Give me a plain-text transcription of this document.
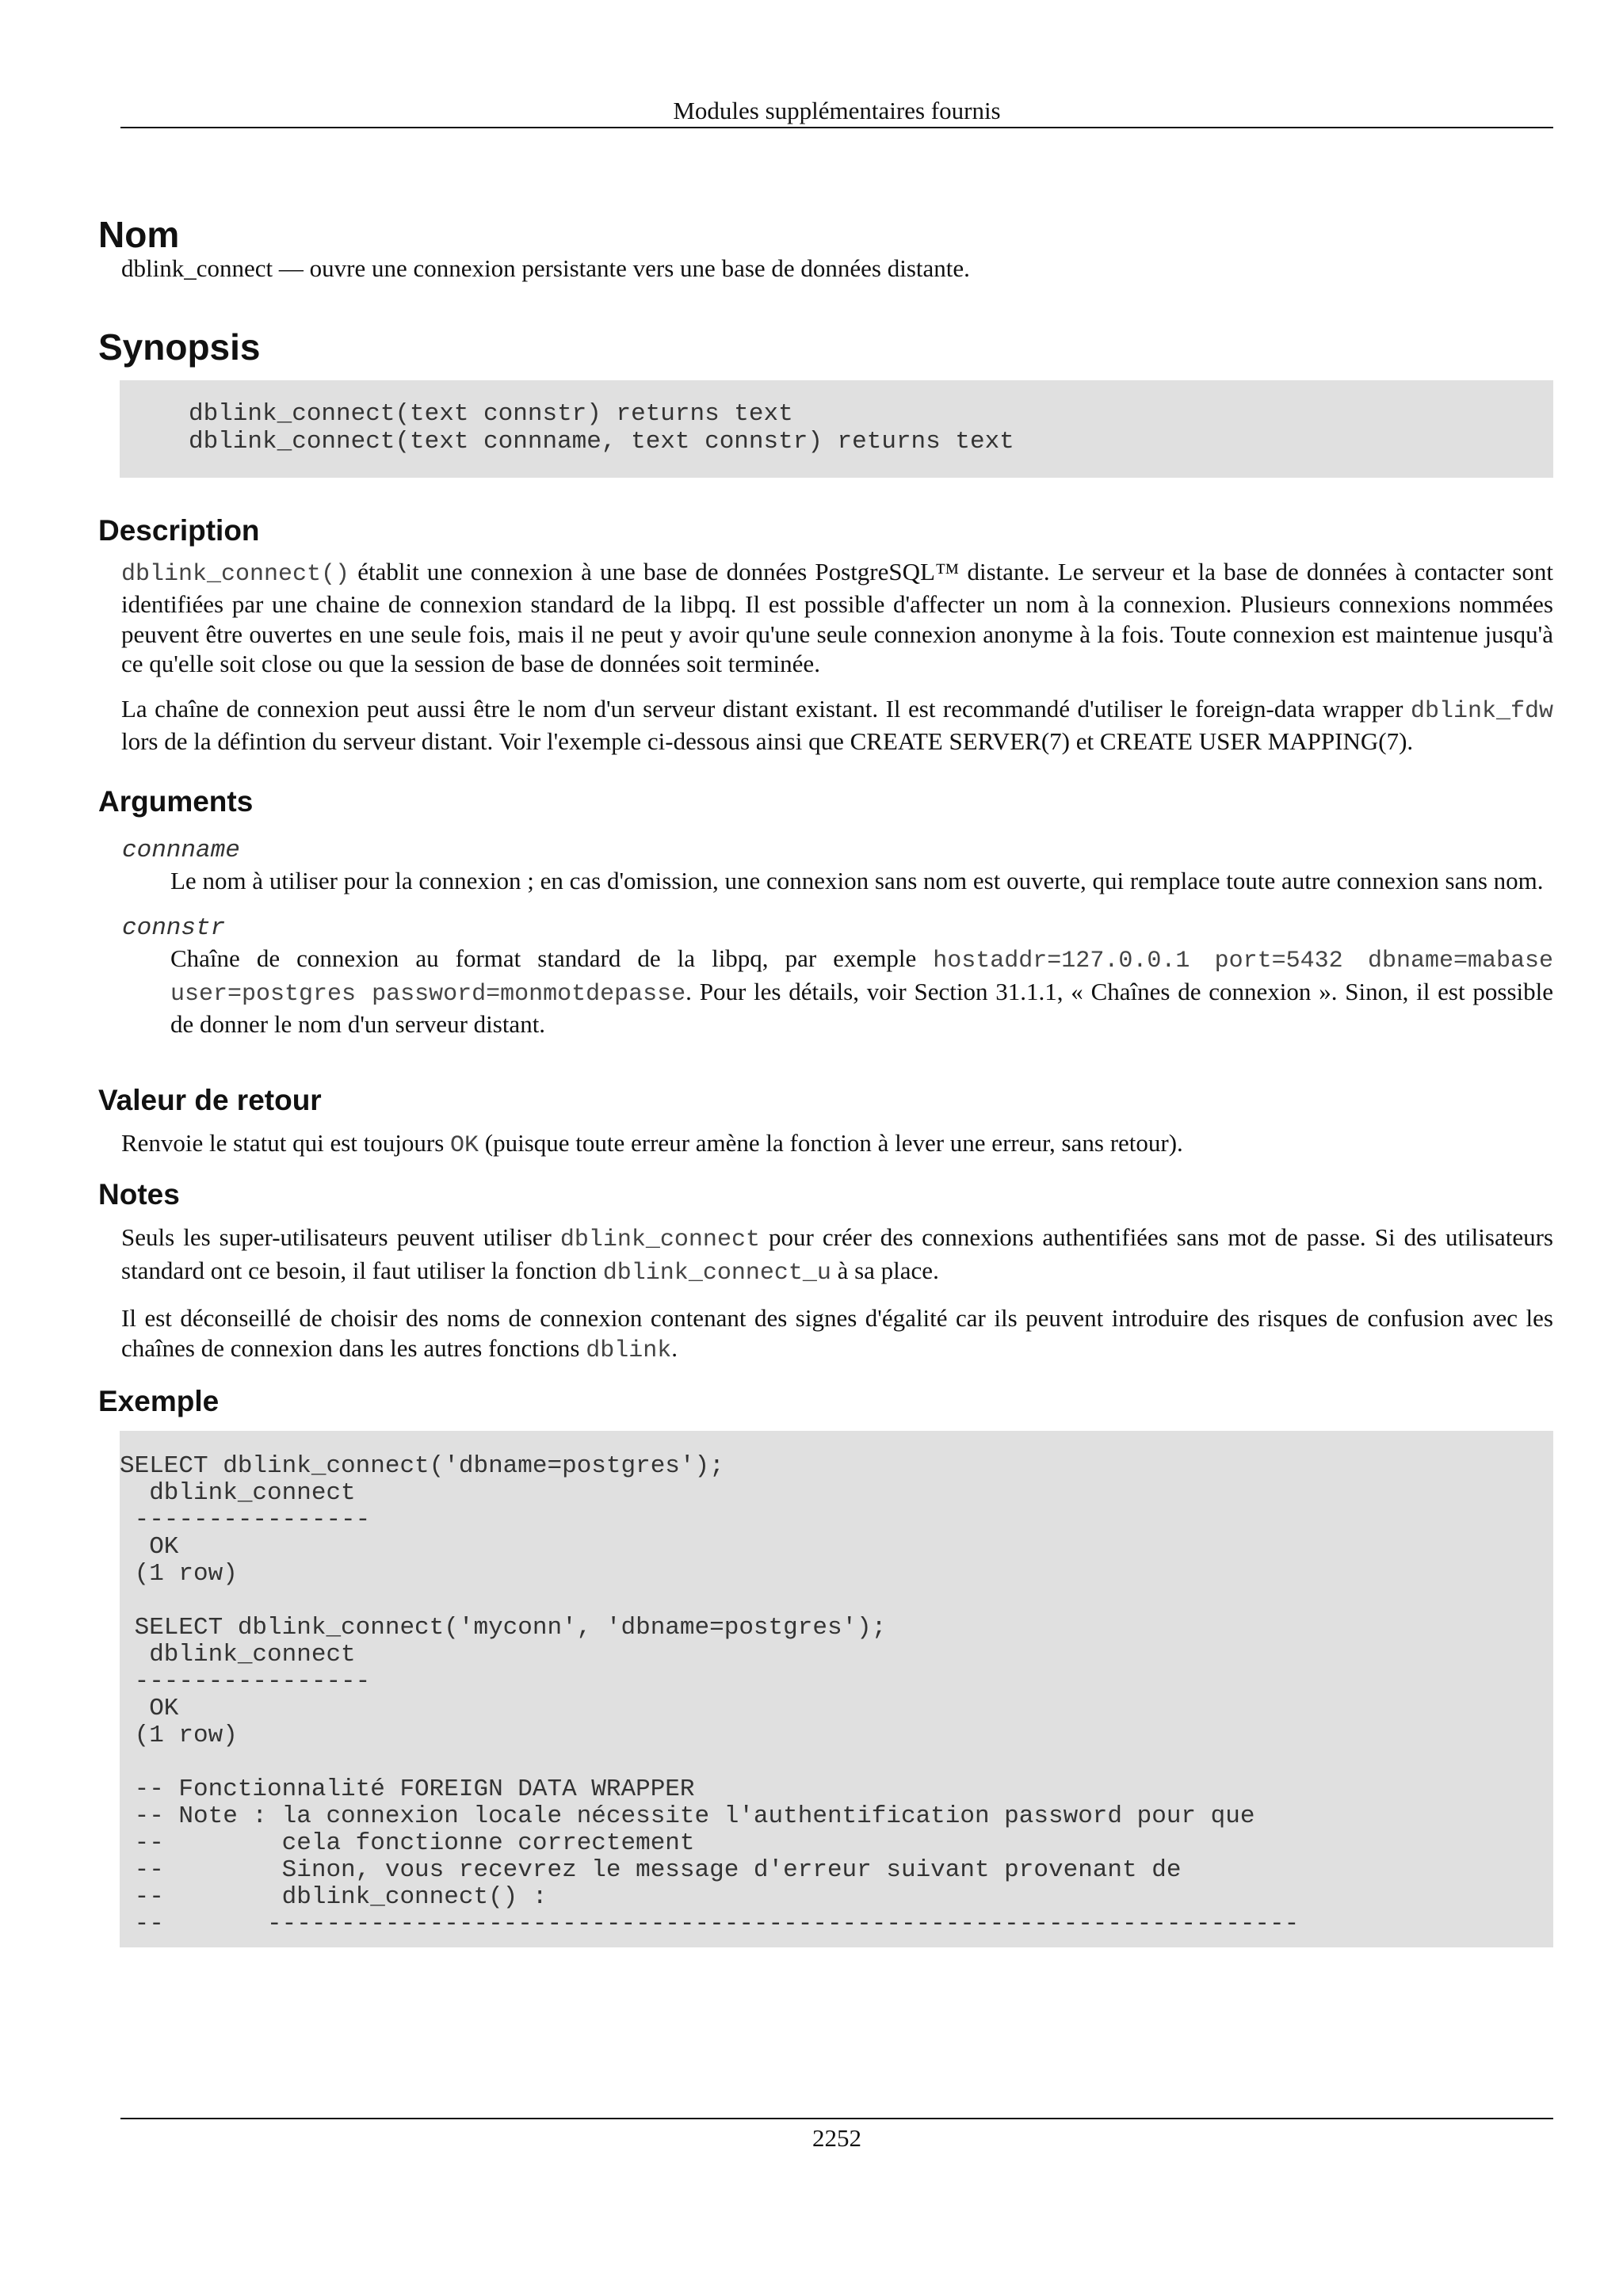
Modules supplémentaires fournis
Nom

dblink_connect — ouvre une connexion persistante vers une base de données distante.

Synopsis
dblink_connect(text connstr) returns text
dblink_connect(text connname, text connstr) returns text
Description

dblink_connect() établit une connexion à une base de données PostgreSQL™ distante. Le serveur et la base de données à contacter sont identifiées par une chaine de connexion standard de la libpq. Il est possible d'affecter un nom à la connexion. Plusieurs connexions nommées peuvent être ouvertes en une seule fois, mais il ne peut y avoir qu'une seule connexion anonyme à la fois. Toute connexion est maintenue jusqu'à ce qu'elle soit close ou que la session de base de données soit terminée.

La chaîne de connexion peut aussi être le nom d'un serveur distant existant. Il est recommandé d'utiliser le foreign-data wrapper dblink_fdw lors de la défintion du serveur distant. Voir l'exemple ci-dessous ainsi que CREATE SERVER(7) et CREATE USER MAPPING(7).

Arguments
connname

Le nom à utiliser pour la connexion ; en cas d'omission, une connexion sans nom est ouverte, qui remplace toute autre connexion sans nom.

connstr

Chaîne de connexion au format standard de la libpq, par exemple hostaddr=127.0.0.1 port=5432 dbname=mabase user=postgres password=monmotdepasse. Pour les détails, voir Section 31.1.1, « Chaînes de connexion ». Sinon, il est possible de donner le nom d'un serveur distant.

Valeur de retour

Renvoie le statut qui est toujours OK (puisque toute erreur amène la fonction à lever une erreur, sans retour).

Notes

Seuls les super-utilisateurs peuvent utiliser dblink_connect pour créer des connexions authentifiées sans mot de passe. Si des utilisateurs standard ont ce besoin, il faut utiliser la fonction dblink_connect_u à sa place.

Il est déconseillé de choisir des noms de connexion contenant des signes d'égalité car ils peuvent introduire des risques de confusion avec les chaînes de connexion dans les autres fonctions dblink.

Exemple
SELECT dblink_connect('dbname=postgres');
dblink_connect
----------------
OK
(1 row)

SELECT dblink_connect('myconn', 'dbname=postgres');
dblink_connect
----------------
OK
(1 row)

-- Fonctionnalité FOREIGN DATA WRAPPER
-- Note : la connexion locale nécessite l'authentification password pour que
--        cela fonctionne correctement
--        Sinon, vous recevrez le message d'erreur suivant provenant de
--        dblink_connect() :
--       ----------------------------------------------------------------------
2252
